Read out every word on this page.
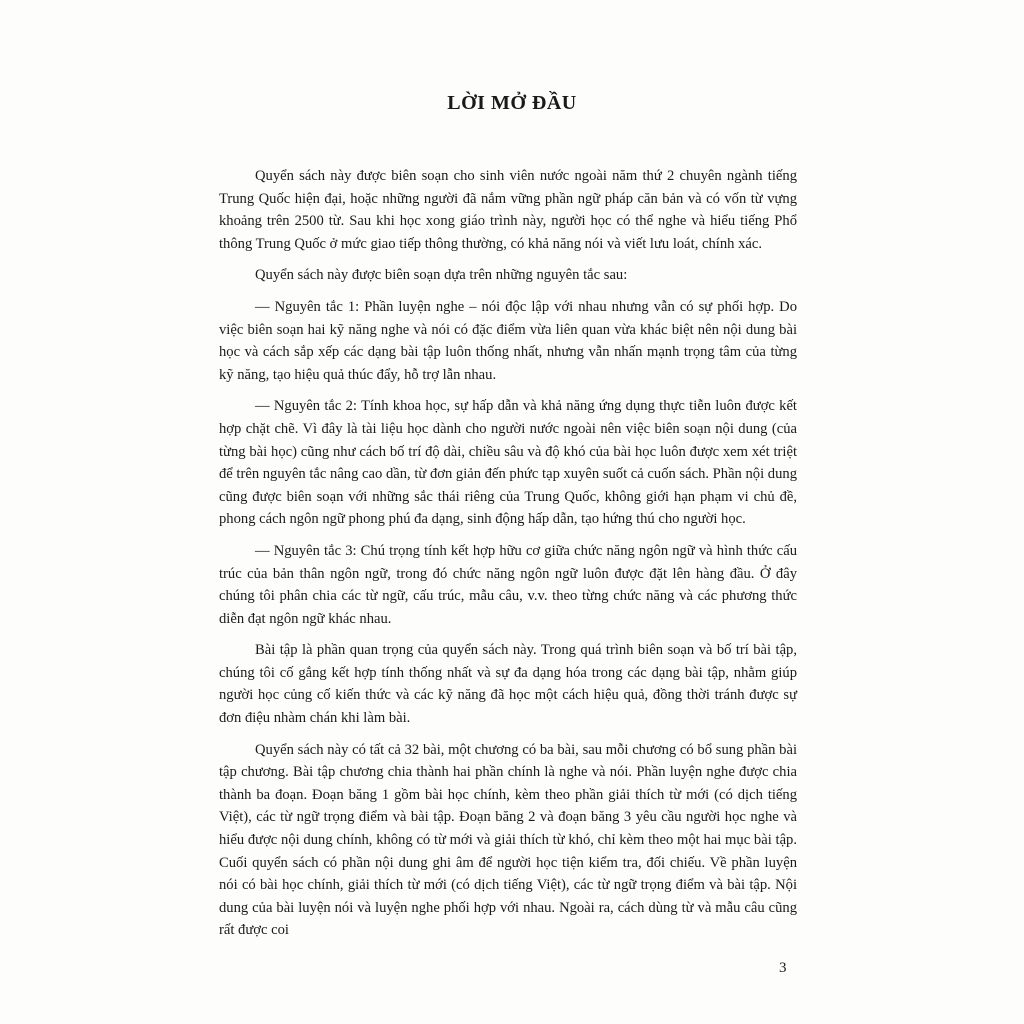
LỜI MỞ ĐẦU

Quyển sách này được biên soạn cho sinh viên nước ngoài năm thứ 2 chuyên ngành tiếng Trung Quốc hiện đại, hoặc những người đã nắm vững phần ngữ pháp căn bản và có vốn từ vựng khoảng trên 2500 từ. Sau khi học xong giáo trình này, người học có thể nghe và hiểu tiếng Phổ thông Trung Quốc ở mức giao tiếp thông thường, có khả năng nói và viết lưu loát, chính xác.

Quyển sách này được biên soạn dựa trên những nguyên tắc sau:

— Nguyên tắc 1: Phần luyện nghe – nói độc lập với nhau nhưng vẫn có sự phối hợp. Do việc biên soạn hai kỹ năng nghe và nói có đặc điểm vừa liên quan vừa khác biệt nên nội dung bài học và cách sắp xếp các dạng bài tập luôn thống nhất, nhưng vẫn nhấn mạnh trọng tâm của từng kỹ năng, tạo hiệu quả thúc đẩy, hỗ trợ lẫn nhau.

— Nguyên tắc 2: Tính khoa học, sự hấp dẫn và khả năng ứng dụng thực tiễn luôn được kết hợp chặt chẽ. Vì đây là tài liệu học dành cho người nước ngoài nên việc biên soạn nội dung (của từng bài học) cũng như cách bố trí độ dài, chiều sâu và độ khó của bài học luôn được xem xét triệt để trên nguyên tắc nâng cao dần, từ đơn giản đến phức tạp xuyên suốt cả cuốn sách. Phần nội dung cũng được biên soạn với những sắc thái riêng của Trung Quốc, không giới hạn phạm vi chủ đề, phong cách ngôn ngữ phong phú đa dạng, sinh động hấp dẫn, tạo hứng thú cho người học.

— Nguyên tắc 3: Chú trọng tính kết hợp hữu cơ giữa chức năng ngôn ngữ và hình thức cấu trúc của bản thân ngôn ngữ, trong đó chức năng ngôn ngữ luôn được đặt lên hàng đầu. Ở đây chúng tôi phân chia các từ ngữ, cấu trúc, mẫu câu, v.v. theo từng chức năng và các phương thức diễn đạt ngôn ngữ khác nhau.

Bài tập là phần quan trọng của quyển sách này. Trong quá trình biên soạn và bố trí bài tập, chúng tôi cố gắng kết hợp tính thống nhất và sự đa dạng hóa trong các dạng bài tập, nhằm giúp người học củng cố kiến thức và các kỹ năng đã học một cách hiệu quả, đồng thời tránh được sự đơn điệu nhàm chán khi làm bài.

Quyển sách này có tất cả 32 bài, một chương có ba bài, sau mỗi chương có bổ sung phần bài tập chương. Bài tập chương chia thành hai phần chính là nghe và nói. Phần luyện nghe được chia thành ba đoạn. Đoạn băng 1 gồm bài học chính, kèm theo phần giải thích từ mới (có dịch tiếng Việt), các từ ngữ trọng điểm và bài tập. Đoạn băng 2 và đoạn băng 3 yêu cầu người học nghe và hiểu được nội dung chính, không có từ mới và giải thích từ khó, chỉ kèm theo một hai mục bài tập. Cuối quyển sách có phần nội dung ghi âm để người học tiện kiểm tra, đối chiếu. Về phần luyện nói có bài học chính, giải thích từ mới (có dịch tiếng Việt), các từ ngữ trọng điểm và bài tập. Nội dung của bài luyện nói và luyện nghe phối hợp với nhau. Ngoài ra, cách dùng từ và mẫu câu cũng rất được coi

3
